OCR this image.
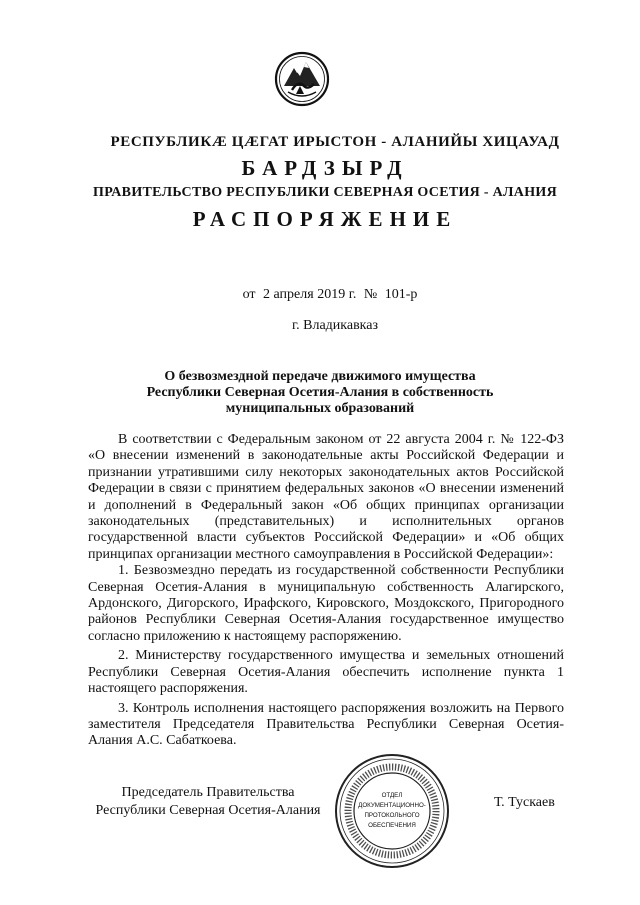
РЕСПУБЛИКӔ ЦӔГАТ ИРЫСТОН - АЛАНИЙЫ ХИЦАУАД
БАРДЗЫРД
ПРАВИТЕЛЬСТВО РЕСПУБЛИКИ СЕВЕРНАЯ ОСЕТИЯ - АЛАНИЯ
РАСПОРЯЖЕНИЕ
от 2 апреля 2019 г. № 101-р
г. Владикавказ
О безвозмездной передаче движимого имущества
Республики Северная Осетия-Алания в собственность
муниципальных образований

В соответствии с Федеральным законом от 22 августа 2004 г. № 122-ФЗ «О внесении изменений в законодательные акты Российской Федерации и признании утратившими силу некоторых законодательных актов Российской Федерации в связи с принятием федеральных законов «О внесении изменений и дополнений в Федеральный закон «Об общих принципах организации законодательных (представительных) и исполнительных органов государственной власти субъектов Российской Федерации» и «Об общих принципах организации местного самоуправления в Российской Федерации»:

1. Безвозмездно передать из государственной собственности Республики Северная Осетия-Алания в муниципальную собственность Алагирского, Ардонского, Дигорского, Ирафского, Кировского, Моздокского, Пригородного районов Республики Северная Осетия-Алания государственное имущество согласно приложению к настоящему распоряжению.

2. Министерству государственного имущества и земельных отношений Республики Северная Осетия-Алания обеспечить исполнение пункта 1 настоящего распоряжения.

3. Контроль исполнения настоящего распоряжения возложить на Первого заместителя Председателя Правительства Республики Северная Осетия-Алания А.С. Сабаткоева.

Председатель Правительства
Республики Северная Осетия-Алания
ОТДЕЛ
ДОКУМЕНТАЦИОННО-
ПРОТОКОЛЬНОГО
ОБЕСПЕЧЕНИЯ
Т. Тускаев
